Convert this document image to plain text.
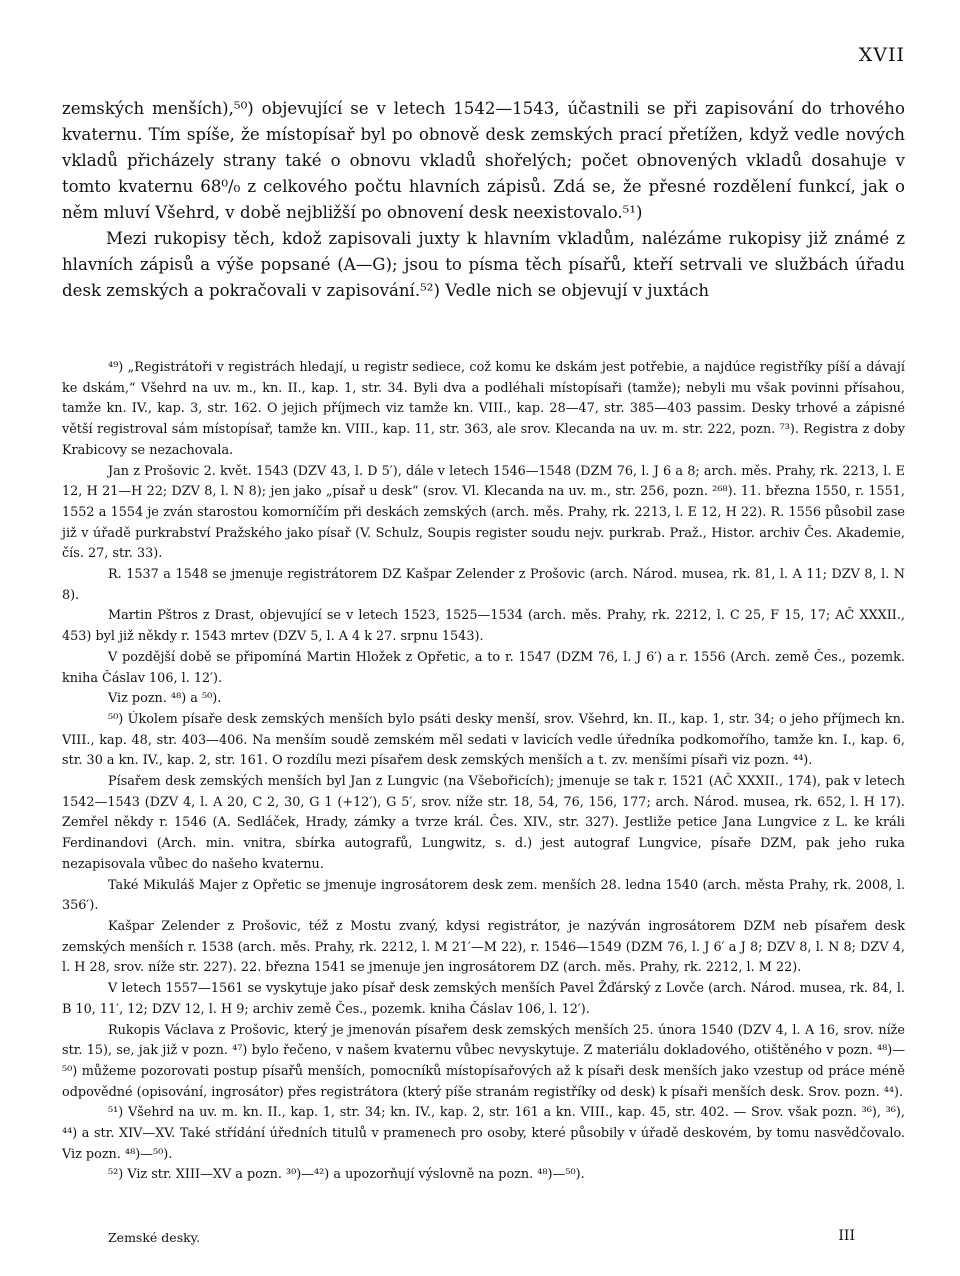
XVII

zemských menších),⁵⁰) objevující se v letech 1542—1543, účastnili se při zapisování do trhového kvaternu. Tím spíše, že místopísař byl po obnově desk zemských prací přetížen, když vedle nových vkladů přicházely strany také o obnovu vkladů shořelých; počet obnovených vkladů dosahuje v tomto kvaternu 68⁰/₀ z celkového počtu hlavních zápisů. Zdá se, že přesné rozdělení funkcí, jak o něm mluví Všehrd, v době nejbližší po obnovení desk neexistovalo.⁵¹)

Mezi rukopisy těch, kdož zapisovali juxty k hlavním vkladům, nalézáme rukopisy již známé z hlavních zápisů a výše popsané (A—G); jsou to písma těch písařů, kteří setrvali ve službách úřadu desk zemských a pokračovali v zapisování.⁵²) Vedle nich se objevují v juxtách

⁴⁹) „Registrátoři v registrách hledají, u registr sediece, což komu ke dskám jest potřebie, a najdúce registříky píší a dávají ke dskám,“ Všehrd na uv. m., kn. II., kap. 1, str. 34. Byli dva a podléhali místopísaři (tamže); nebyli mu však povinni přísahou, tamže kn. IV., kap. 3, str. 162. O jejich příjmech viz tamže kn. VIII., kap. 28—47, str. 385—403 passim. Desky trhové a zápisné větší registroval sám místopísař, tamže kn. VIII., kap. 11, str. 363, ale srov. Klecanda na uv. m. str. 222, pozn. ⁷³). Registra z doby Krabicovy se nezachovala.

Jan z Prošovic 2. květ. 1543 (DZV 43, l. D 5′), dále v letech 1546—1548 (DZM 76, l. J 6 a 8; arch. měs. Prahy, rk. 2213, l. E 12, H 21—H 22; DZV 8, l. N 8); jen jako „písař u desk“ (srov. Vl. Klecanda na uv. m., str. 256, pozn. ²⁶⁸). 11. března 1550, r. 1551, 1552 a 1554 je zván starostou komorníčím při deskách zemských (arch. měs. Prahy, rk. 2213, l. E 12, H 22). R. 1556 působil zase již v úřadě purkrabství Pražského jako písař (V. Schulz, Soupis register soudu nejv. purkrab. Praž., Histor. archiv Čes. Akademie, čís. 27, str. 33).

R. 1537 a 1548 se jmenuje registrátorem DZ Kašpar Zelender z Prošovic (arch. Národ. musea, rk. 81, l. A 11; DZV 8, l. N 8).

Martin Pštros z Drast, objevující se v letech 1523, 1525—1534 (arch. měs. Prahy, rk. 2212, l. C 25, F 15, 17; AČ XXXII., 453) byl již někdy r. 1543 mrtev (DZV 5, l. A 4 k 27. srpnu 1543).

V pozdější době se připomíná Martin Hložek z Opřetic, a to r. 1547 (DZM 76, l. J 6′) a r. 1556 (Arch. země Čes., pozemk. kniha Čáslav 106, l. 12′).

Viz pozn. ⁴⁸) a ⁵⁰).

⁵⁰) Úkolem písaře desk zemských menších bylo psáti desky menší, srov. Všehrd, kn. II., kap. 1, str. 34; o jeho příjmech kn. VIII., kap. 48, str. 403—406. Na menším soudě zemském měl sedati v lavicích vedle úředníka podkomořího, tamže kn. I., kap. 6, str. 30 a kn. IV., kap. 2, str. 161. O rozdílu mezi písařem desk zemských menších a t. zv. menšími písaři viz pozn. ⁴⁴).

Písařem desk zemských menších byl Jan z Lungvic (na Všebořicích); jmenuje se tak r. 1521 (AČ XXXII., 174), pak v letech 1542—1543 (DZV 4, l. A 20, C 2, 30, G 1 (+12′), G 5′, srov. níže str. 18, 54, 76, 156, 177; arch. Národ. musea, rk. 652, l. H 17). Zemřel někdy r. 1546 (A. Sedláček, Hrady, zámky a tvrze král. Čes. XIV., str. 327). Jestliže petice Jana Lungvice z L. ke králi Ferdinandovi (Arch. min. vnitra, sbírka autografů, Lungwitz, s. d.) jest autograf Lungvice, písaře DZM, pak jeho ruka nezapisovala vůbec do našeho kvaternu.

Také Mikuláš Majer z Opřetic se jmenuje ingrosátorem desk zem. menších 28. ledna 1540 (arch. města Prahy, rk. 2008, l. 356′).

Kašpar Zelender z Prošovic, též z Mostu zvaný, kdysi registrátor, je nazýván ingrosátorem DZM neb písařem desk zemských menších r. 1538 (arch. měs. Prahy, rk. 2212, l. M 21′—M 22), r. 1546—1549 (DZM 76, l. J 6′ a J 8; DZV 8, l. N 8; DZV 4, l. H 28, srov. níže str. 227). 22. března 1541 se jmenuje jen ingrosátorem DZ (arch. měs. Prahy, rk. 2212, l. M 22).

V letech 1557—1561 se vyskytuje jako písař desk zemských menších Pavel Žďárský z Lovče (arch. Národ. musea, rk. 84, l. B 10, 11′, 12; DZV 12, l. H 9; archiv země Čes., pozemk. kniha Čáslav 106, l. 12′).

Rukopis Václava z Prošovic, který je jmenován písařem desk zemských menších 25. února 1540 (DZV 4, l. A 16, srov. níže str. 15), se, jak již v pozn. ⁴⁷) bylo řečeno, v našem kvaternu vůbec nevyskytuje. Z materiálu dokladového, otištěného v pozn. ⁴⁸)—⁵⁰) můžeme pozorovati postup písařů menších, pomocníků místopísařových až k písaři desk menších jako vzestup od práce méně odpovědné (opisování, ingrosátor) přes registrátora (který píše stranám registříky od desk) k písaři menších desk. Srov. pozn. ⁴⁴).

⁵¹) Všehrd na uv. m. kn. II., kap. 1, str. 34; kn. IV., kap. 2, str. 161 a kn. VIII., kap. 45, str. 402. — Srov. však pozn. ³⁶), ³⁶), ⁴⁴) a str. XIV—XV. Také střídání úředních titulů v pramenech pro osoby, které působily v úřadě deskovém, by tomu nasvědčovalo. Viz pozn. ⁴⁸)—⁵⁰).

⁵²) Viz str. XIII—XV a pozn. ³⁰)—⁴²) a upozorňují výslovně na pozn. ⁴⁸)—⁵⁰).

Zemské desky.	III
